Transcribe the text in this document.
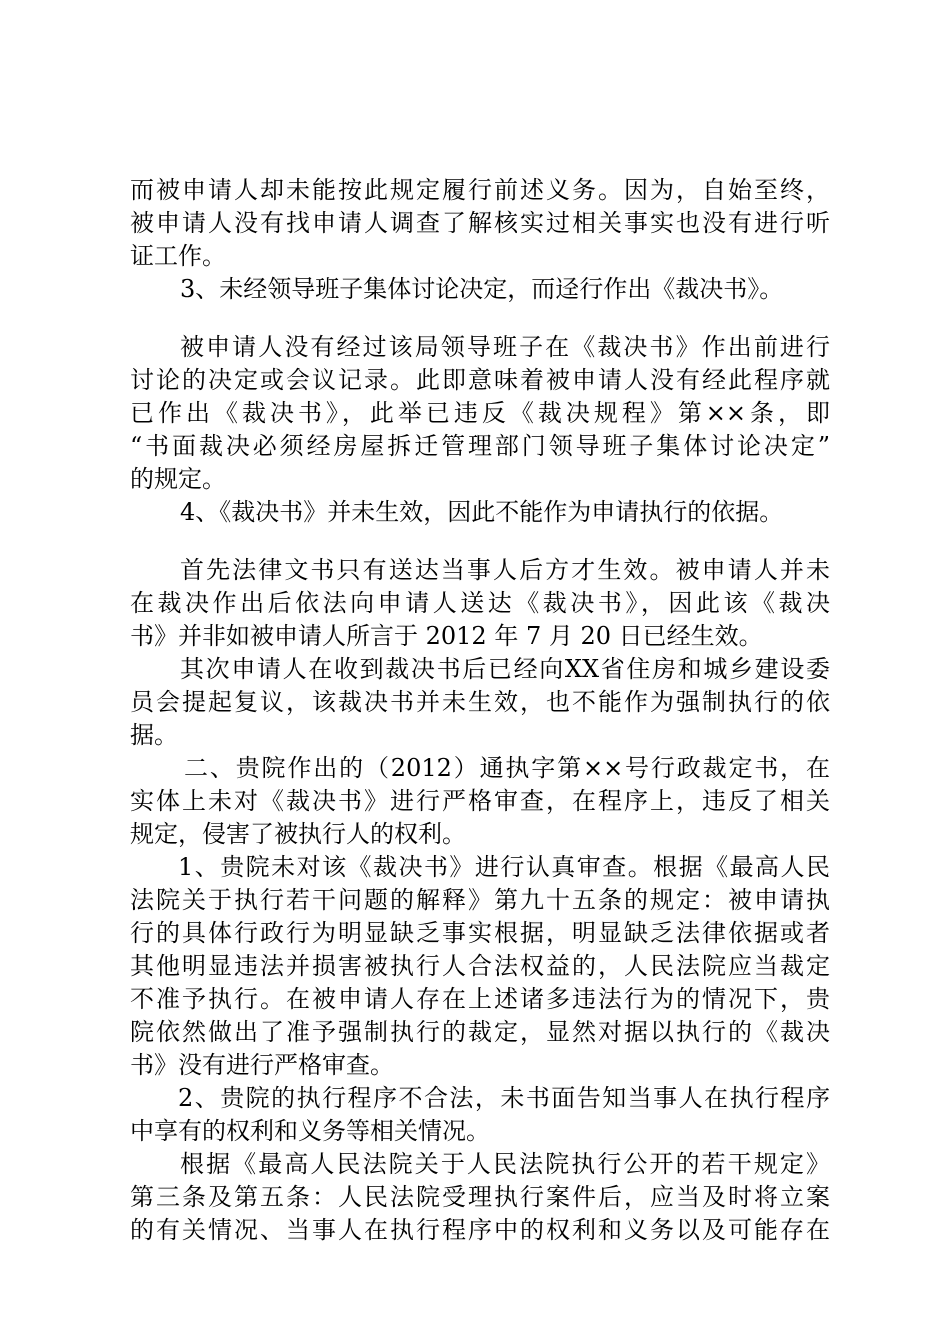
而被申请人却未能按此规定履行前述义务。因为，自始至终，
被申请人没有找申请人调查了解核实过相关事实也没有进行听
证工作。
3、未经领导班子集体讨论决定，而迳行作出《裁决书》。
被申请人没有经过该局领导班子在《裁决书》作出前进行
讨论的决定或会议记录。此即意味着被申请人没有经此程序就
已作出《裁决书》，此举已违反《裁决规程》第××条，即
“书面裁决必须经房屋拆迁管理部门领导班子集体讨论决定”
的规定。
4、《裁决书》并未生效，因此不能作为申请执行的依据。
首先法律文书只有送达当事人后方才生效。被申请人并未
在裁决作出后依法向申请人送达《裁决书》，因此该《裁决
书》并非如被申请人所言于 2012 年 7 月 20 日已经生效。
其次申请人在收到裁决书后已经向XX省住房和城乡建设委
员会提起复议，该裁决书并未生效，也不能作为强制执行的依
据。
二、贵院作出的（2012）通执字第××号行政裁定书，在
实体上未对《裁决书》进行严格审查，在程序上，违反了相关
规定，侵害了被执行人的权利。
1、贵院未对该《裁决书》进行认真审查。根据《最高人民
法院关于执行若干问题的解释》第九十五条的规定：被申请执
行的具体行政行为明显缺乏事实根据，明显缺乏法律依据或者
其他明显违法并损害被执行人合法权益的，人民法院应当裁定
不准予执行。在被申请人存在上述诸多违法行为的情况下，贵
院依然做出了准予强制执行的裁定，显然对据以执行的《裁决
书》没有进行严格审查。
2、贵院的执行程序不合法，未书面告知当事人在执行程序
中享有的权利和义务等相关情况。
根据《最高人民法院关于人民法院执行公开的若干规定》
第三条及第五条：人民法院受理执行案件后，应当及时将立案
的有关情况、当事人在执行程序中的权利和义务以及可能存在
